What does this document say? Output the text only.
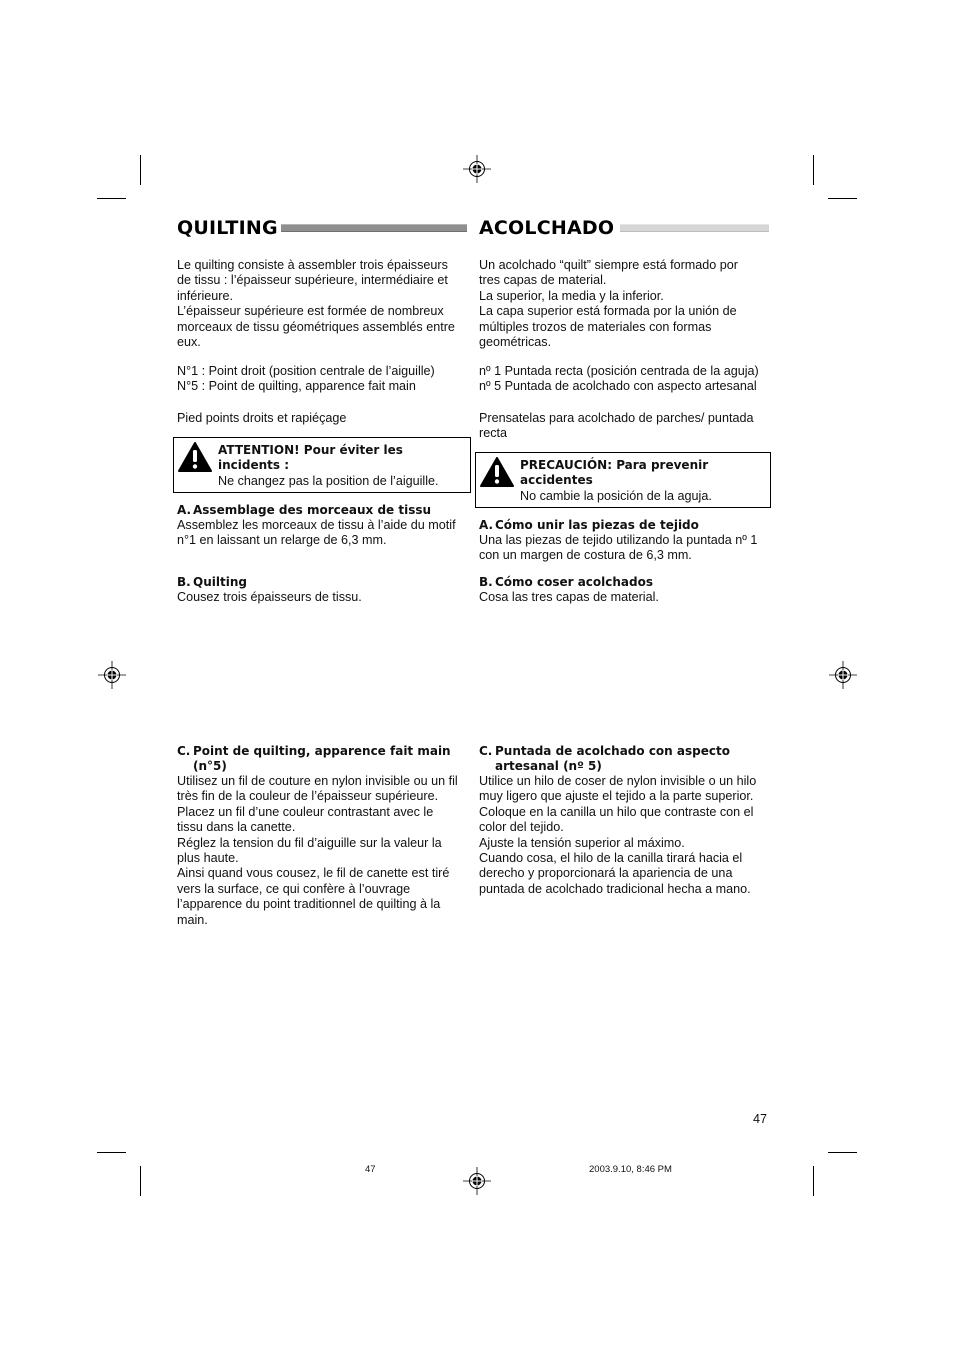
QUILTING

Le quilting consiste à assembler trois épaisseurs

de tissu : l’épaisseur supérieure, intermédiaire et

inférieure.

L’épaisseur supérieure est formée de nombreux

morceaux de tissu géométriques assemblés entre

eux.

N°1 : Point droit (position centrale de l’aiguille)

N°5 : Point de quilting, apparence fait main

Pied points droits et rapiéçage

ATTENTION! Pour éviter les
incidents :
Ne changez pas la position de l’aiguille.
A. Assemblage des morceaux de tissu

Assemblez les morceaux de tissu à l’aide du motif

n°1 en laissant un relarge de 6,3 mm.

B. Quilting

Cousez trois épaisseurs de tissu.

C. Point de quilting, apparence fait main
(n°5)

Utilisez un fil de couture en nylon invisible ou un fil

très fin de la couleur de l’épaisseur supérieure.

Placez un fil d’une couleur contrastant avec le

tissu dans la canette.

Réglez la tension du fil d’aiguille sur la valeur la

plus haute.

Ainsi quand vous cousez, le fil de canette est tiré

vers la surface, ce qui confère à l’ouvrage

l’apparence du point traditionnel de quilting à la

main.

ACOLCHADO

Un acolchado “quilt” siempre está formado por

tres capas de material.

La superior, la media y la inferior.

La capa superior está formada por la unión de

múltiples trozos de materiales con formas

geométricas.

nº 1 Puntada recta (posición centrada de la aguja)

nº 5 Puntada de acolchado con aspecto artesanal

Prensatelas para acolchado de parches/ puntada

recta

PRECAUCIÓN: Para prevenir
accidentes
No cambie la posición de la aguja.
A. Cómo unir las piezas de tejido

Una las piezas de tejido utilizando la puntada nº 1

con un margen de costura de 6,3 mm.

B. Cómo coser acolchados

Cosa las tres capas de material.

C. Puntada de acolchado con aspecto
artesanal (nº 5)

Utilice un hilo de coser de nylon invisible o un hilo

muy ligero que ajuste el tejido a la parte superior.

Coloque en la canilla un hilo que contraste con el

color del tejido.

Ajuste la tensión superior al máximo.

Cuando cosa, el hilo de la canilla tirará hacia el

derecho y proporcionará la apariencia de una

puntada de acolchado tradicional hecha a mano.

47
47	2003.9.10, 8:46 PM
